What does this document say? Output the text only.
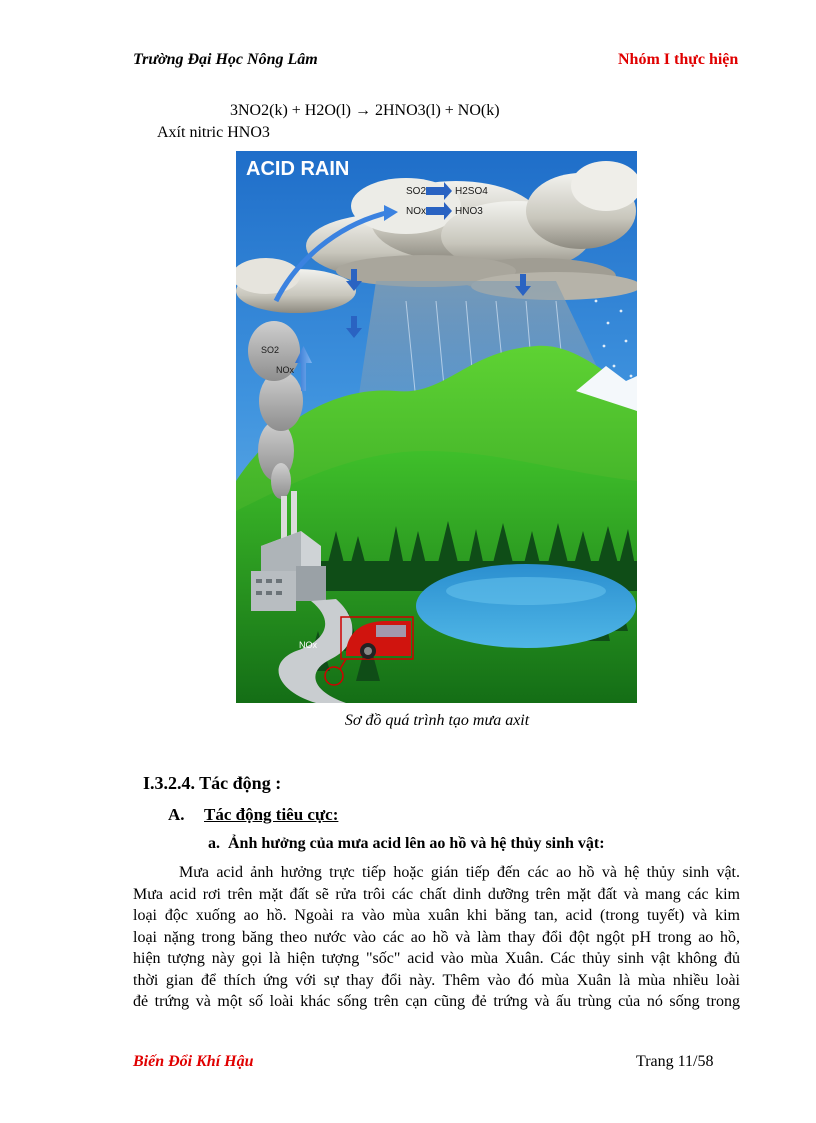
Trường Đại Học Nông Lâm	Nhóm I thực hiện
3NO2(k) + H2O(l) → 2HNO3(l) + NO(k)
Axít nitric HNO3
ACID RAIN
SO2	H2SO4
NOx	HNO3
SO2
NOx
NOx
Sơ đồ quá trình tạo mưa axit
I.3.2.4. Tác động :
A. Tác động tiêu cực:
a. Ảnh hưởng của mưa acid lên ao hồ và hệ thủy sinh vật:
Mưa acid ảnh hưởng trực tiếp hoặc gián tiếp đến các ao hồ và hệ thủy sinh vật.
Mưa acid rơi trên mặt đất sẽ rửa trôi các chất dinh dưỡng trên mặt đất và mang các kim
loại độc xuống ao hồ. Ngoài ra vào mùa xuân khi băng tan, acid (trong tuyết) và kim
loại nặng trong băng theo nước vào các ao hồ và làm thay đổi đột ngột pH trong ao hồ,
hiện tượng này gọi là hiện tượng "sốc" acid vào mùa Xuân. Các thủy sinh vật không đủ
thời gian để thích ứng với sự thay đổi này. Thêm vào đó mùa Xuân là mùa nhiều loài
đẻ trứng và một số loài khác sống trên cạn cũng đẻ trứng và ấu trùng của nó sống trong
Biến Đổi Khí Hậu	Trang 11/58
